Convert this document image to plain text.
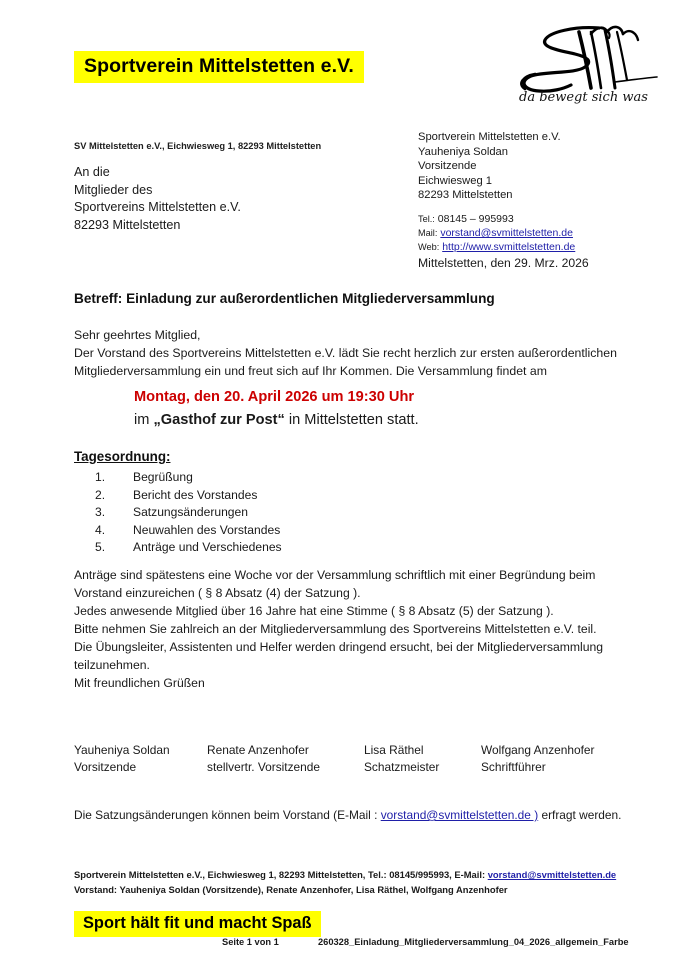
Sportverein Mittelstetten e.V.
da bewegt sich was
SV Mittelstetten e.V., Eichwiesweg 1, 82293 Mittelstetten
An die
Mitglieder des
Sportvereins Mittelstetten e.V.
82293 Mittelstetten
Sportverein Mittelstetten e.V.
Yauheniya Soldan
Vorsitzende
Eichwiesweg 1
82293 Mittelstetten
Tel.: 08145 – 995993
Mail: vorstand@svmittelstetten.de
Web: http://www.svmittelstetten.de
Mittelstetten, den 29. Mrz. 2026
Betreff: Einladung zur außerordentlichen Mitgliederversammlung
Sehr geehrtes Mitglied,
Der Vorstand des Sportvereins Mittelstetten e.V. lädt Sie recht herzlich zur ersten außerordentlichen
Mitgliederversammlung ein und freut sich auf Ihr Kommen. Die Versammlung findet am
Montag, den 20. April 2026 um 19:30 Uhr
im „Gasthof zur Post“ in Mittelstetten statt.
Tagesordnung:
1.	Begrüßung
2.	Bericht des Vorstandes
3.	Satzungsänderungen
4.	Neuwahlen des Vorstandes
5.	Anträge und Verschiedenes
Anträge sind spätestens eine Woche vor der Versammlung schriftlich mit einer Begründung beim
Vorstand einzureichen ( § 8 Absatz (4) der Satzung ).
Jedes anwesende Mitglied über 16 Jahre hat eine Stimme ( § 8 Absatz (5) der Satzung ).
Bitte nehmen Sie zahlreich an der Mitgliederversammlung des Sportvereins Mittelstetten e.V. teil.
Die Übungsleiter, Assistenten und Helfer werden dringend ersucht, bei der Mitgliederversammlung
teilzunehmen.
Mit freundlichen Grüßen
Yauheniya Soldan
Vorsitzende
Renate Anzenhofer
stellvertr. Vorsitzende
Lisa Räthel
Schatzmeister
Wolfgang Anzenhofer
Schriftführer
Die Satzungsänderungen können beim Vorstand (E-Mail : vorstand@svmittelstetten.de ) erfragt werden.
Sportverein Mittelstetten e.V., Eichwiesweg 1, 82293 Mittelstetten, Tel.: 08145/995993, E-Mail: vorstand@svmittelstetten.de
Vorstand: Yauheniya Soldan (Vorsitzende), Renate Anzenhofer, Lisa Räthel, Wolfgang Anzenhofer
Sport hält fit und macht Spaß
Seite 1 von 1	260328_Einladung_Mitgliederversammlung_04_2026_allgemein_Farbe
